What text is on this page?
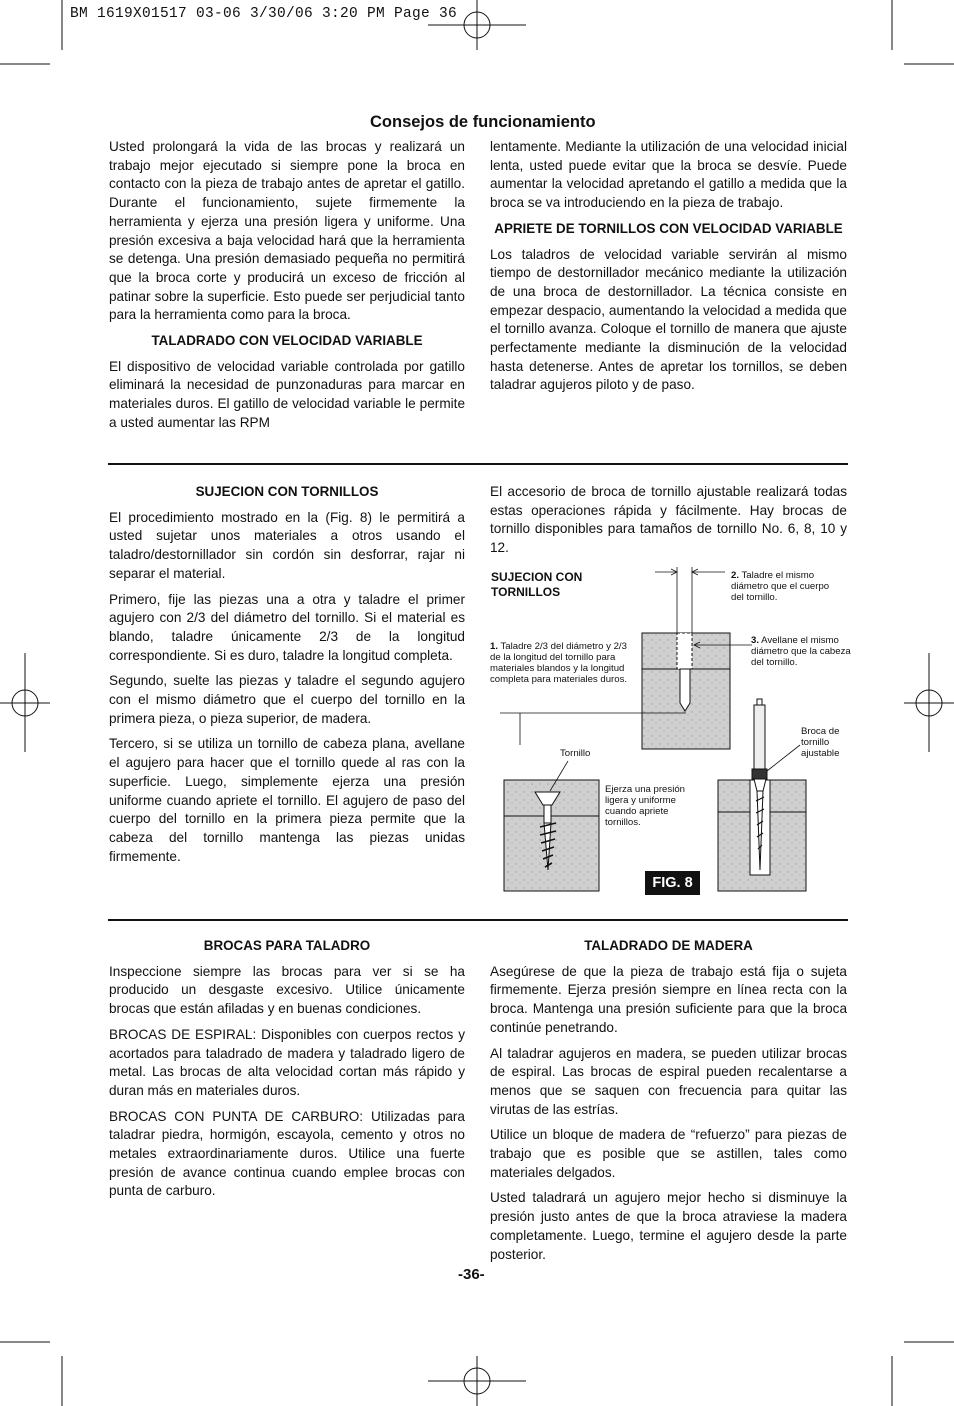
BM 1619X01517 03-06 3/30/06 3:20 PM Page 36
Consejos de funcionamiento

Usted prolongará la vida de las brocas y realizará un trabajo mejor ejecutado si siempre pone la broca en contacto con la pieza de trabajo antes de apretar el gatillo. Durante el funcionamiento, sujete firmemente la herramienta y ejerza una presión ligera y uniforme. Una presión excesiva a baja velocidad hará que la herramienta se detenga. Una presión demasiado pequeña no permitirá que la broca corte y producirá un exceso de fricción al patinar sobre la superficie. Esto puede ser perjudicial tanto para la herramienta como para la broca.

TALADRADO CON VELOCIDAD VARIABLE

El dispositivo de velocidad variable controlada por gatillo eliminará la necesidad de punzonaduras para marcar en materiales duros. El gatillo de velocidad variable le permite a usted aumentar las RPM

lentamente. Mediante la utilización de una velocidad inicial lenta, usted puede evitar que la broca se desvíe. Puede aumentar la velocidad apretando el gatillo a medida que la broca se va introduciendo en la pieza de trabajo.

APRIETE DE TORNILLOS CON VELOCIDAD VARIABLE

Los taladros de velocidad variable servirán al mismo tiempo de destornillador mecánico mediante la utilización de una broca de destornillador. La técnica consiste en empezar despacio, aumentando la velocidad a medida que el tornillo avanza. Coloque el tornillo de manera que ajuste perfectamente mediante la disminución de la velocidad hasta detenerse. Antes de apretar los tornillos, se deben taladrar agujeros piloto y de paso.

SUJECION CON TORNILLOS

El procedimiento mostrado en la (Fig. 8) le permitirá a usted sujetar unos materiales a otros usando el taladro/destornillador sin cordón sin desforrar, rajar ni separar el material.

Primero, fije las piezas una a otra y taladre el primer agujero con 2/3 del diámetro del tornillo. Si el material es blando, taladre únicamente 2/3 de la longitud correspondiente. Si es duro, taladre la longitud completa.

Segundo, suelte las piezas y taladre el segundo agujero con el mismo diámetro que el cuerpo del tornillo en la primera pieza, o pieza superior, de madera.

Tercero, si se utiliza un tornillo de cabeza plana, avellane el agujero para hacer que el tornillo quede al ras con la superficie. Luego, simplemente ejerza una presión uniforme cuando apriete el tornillo. El agujero de paso del cuerpo del tornillo en la primera pieza permite que la cabeza del tornillo mantenga las piezas unidas firmemente.

El accesorio de broca de tornillo ajustable realizará todas estas operaciones rápida y fácilmente. Hay brocas de tornillo disponibles para tamaños de tornillo No. 6, 8, 10 y 12.

SUJECION CON
TORNILLOS
1. Taladre 2/3 del diámetro y 2/3 de la longitud del tornillo para materiales blandos y la longitud completa para materiales duros.
2. Taladre el mismo diámetro que el cuerpo del tornillo.
3. Avellane el mismo diámetro que la cabeza del tornillo.
Tornillo
Broca de tornillo ajustable
Ejerza una presión ligera y uniforme cuando apriete tornillos.
FIG. 8

BROCAS PARA TALADRO

Inspeccione siempre las brocas para ver si se ha producido un desgaste excesivo. Utilice únicamente brocas que están afiladas y en buenas condiciones.

BROCAS DE ESPIRAL: Disponibles con cuerpos rectos y acortados para taladrado de madera y taladrado ligero de metal. Las brocas de alta velocidad cortan más rápido y duran más en materiales duros.

BROCAS CON PUNTA DE CARBURO: Utilizadas para taladrar piedra, hormigón, escayola, cemento y otros no metales extraordinariamente duros. Utilice una fuerte presión de avance continua cuando emplee brocas con punta de carburo.

TALADRADO DE MADERA

Asegúrese de que la pieza de trabajo está fija o sujeta firmemente. Ejerza presión siempre en línea recta con la broca. Mantenga una presión suficiente para que la broca continúe penetrando.

Al taladrar agujeros en madera, se pueden utilizar brocas de espiral. Las brocas de espiral pueden recalentarse a menos que se saquen con frecuencia para quitar las virutas de las estrías.

Utilice un bloque de madera de “refuerzo” para piezas de trabajo que es posible que se astillen, tales como materiales delgados.

Usted taladrará un agujero mejor hecho si disminuye la presión justo antes de que la broca atraviese la madera completamente. Luego, termine el agujero desde la parte posterior.

-36-
